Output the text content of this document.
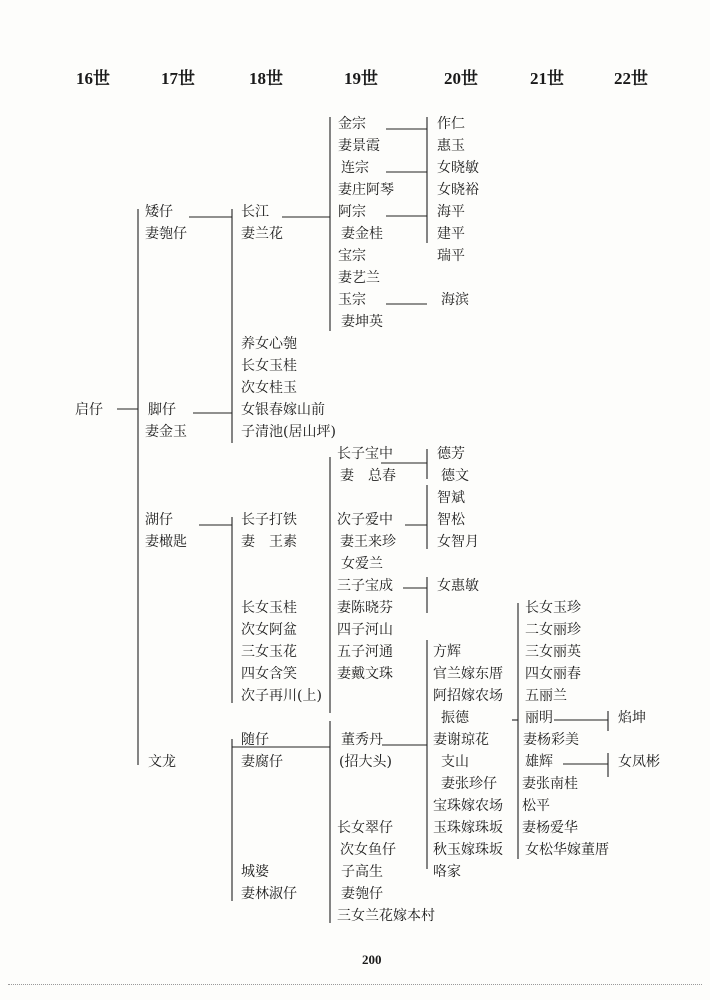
16世	17世	18世	19世	20世	21世	22世
启仔
矮仔
妻匏仔
脚仔
妻金玉
湖仔
妻橄匙
文龙
长江
妻兰花
养女心匏
长女玉桂
次女桂玉
女银春嫁山前
子清池(居山坪)
长子打铁
妻　王素
长女玉桂
次女阿盆
三女玉花
四女含笑
次子再川(上)
随仔
妻腐仔
城婆
妻林淑仔
金宗
妻景霞
连宗
妻庄阿琴
阿宗
妻金桂
宝宗
妻艺兰
玉宗
妻坤英
长子宝中
妻　总春
次子爱中
妻王来珍
女爱兰
三子宝成
妻陈晓芬
四子河山
五子河通
妻戴文珠
董秀丹
(招大头)
长女翠仔
次女鱼仔
子高生
妻匏仔
三女兰花嫁本村
作仁
惠玉
女晓敏
女晓裕
海平
建平
瑞平
海滨
德芳
德文
智斌
智松
女智月
女惠敏
方辉
官兰嫁东厝
阿招嫁农场
振德
妻谢琼花
支山
妻张珍仔
宝珠嫁农场
玉珠嫁珠坂
秋玉嫁珠坂
咯家
长女玉珍
二女丽珍
三女丽英
四女丽春
五丽兰
丽明
妻杨彩美
雄辉
妻张南桂
松平
妻杨爱华
女松华嫁董厝
焰坤
女凤彬
200
